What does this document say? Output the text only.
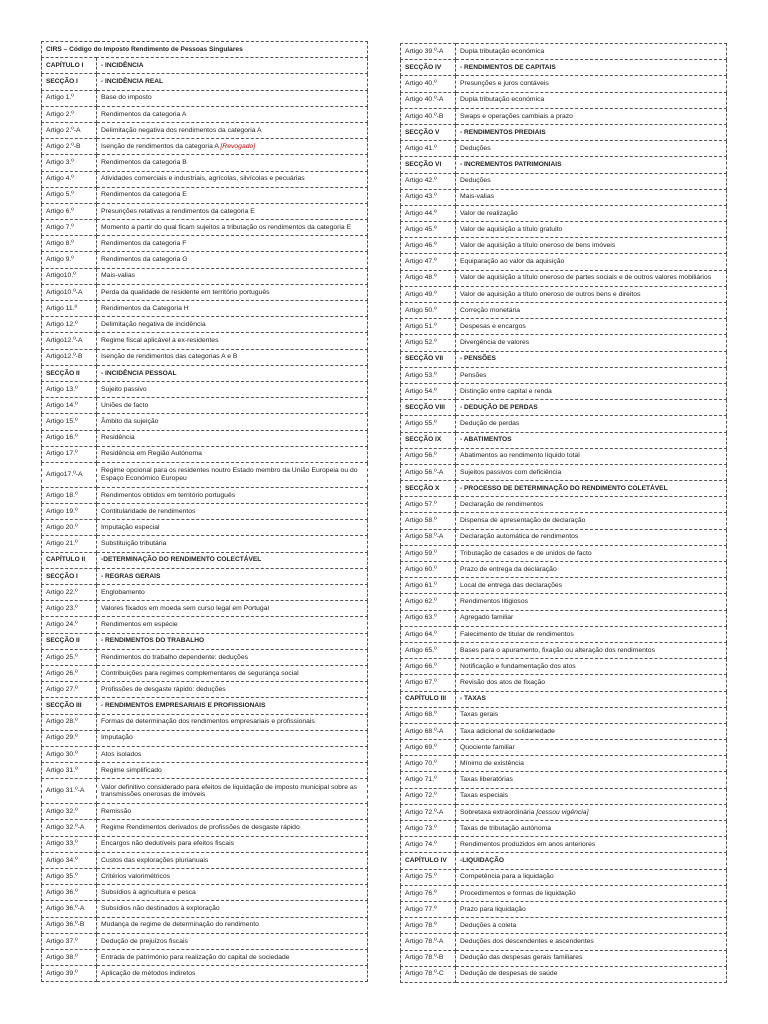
CIRS – Código do Imposto Rendimento de Pessoas Singulares	
CAPÍTULO I	- INCIDÊNCIA
SECÇÃO I	- INCIDÊNCIA REAL
Artigo 1.º	Base do imposto
Artigo 2.º	Rendimentos da categoria A
Artigo 2.º-A	Delimitação negativa dos rendimentos da categoria A
Artigo 2.º-B	Isenção de rendimentos da categoria A [Revogado]
Artigo 3.º	Rendimentos da categoria B
Artigo 4.º	Atividades comerciais e industriais, agrícolas, silvícolas e pecuárias
Artigo 5.º	Rendimentos da categoria E
Artigo 6.º	Presunções relativas a rendimentos da categoria E
Artigo 7.º	Momento a partir do qual ficam sujeitos a tributação os rendimentos da categoria E
Artigo 8.º	Rendimentos da categoria F
Artigo 9.º	Rendimentos da categoria G
Artigo10.º	Mais-valias
Artigo10.º-A	Perda da qualidade de residente em território português
Artigo 11.º	Rendimentos da Categoria H
Artigo 12.º	Delimitação negativa de incidência
Artigo12.º-A	Regime fiscal aplicável a ex-residentes
Artigo12.º-B	Isenção de rendimentos das categorias A e B
SECÇÃO II	- INCIDÊNCIA PESSOAL
Artigo 13.º	Sujeito passivo
Artigo 14.º	Uniões de facto
Artigo 15.º	Âmbito da sujeição
Artigo 16.º	Residência
Artigo 17.º	Residência em Região Autónoma
Artigo17.º-A	Regime opcional para os residentes noutro Estado membro da União Europeia ou do Espaço Económico Europeu
Artigo 18.º	Rendimentos obtidos em território português
Artigo 19.º	Contitularidade de rendimentos
Artigo 20.º	Imputação especial
Artigo 21.º	Substituição tributária
CAPÍTULO II	-DETERMINAÇÃO DO RENDIMENTO COLECTÁVEL
SECÇÃO I	- REGRAS GERAIS
Artigo 22.º	Englobamento
Artigo 23.º	Valores fixados em moeda sem curso legal em Portugal
Artigo 24.º	Rendimentos em espécie
SECÇÃO II	- RENDIMENTOS DO TRABALHO
Artigo 25.º	Rendimentos do trabalho dependente: deduções
Artigo 26.º	Contribuições para regimes complementares de segurança social
Artigo 27.º	Profissões de desgaste rápido: deduções
SECÇÃO III	- RENDIMENTOS EMPRESARIAIS E PROFISSIONAIS
Artigo 28.º	Formas de determinação dos rendimentos empresariais e profissionais
Artigo 29.º	Imputação
Artigo 30.º	Atos isolados
Artigo 31.º	Regime simplificado
Artigo 31.º-A	Valor definitivo considerado para efeitos de liquidação de imposto municipal sobre as transmissões onerosas de imóveis
Artigo 32.º	Remissão
Artigo 32.º-A	Regime Rendimentos derivados de profissões de desgaste rápido
Artigo 33.º	Encargos não dedutíveis para efeitos fiscais
Artigo 34.º	Custos das explorações plurianuais
Artigo 35.º	Critérios valorimétricos
Artigo 36.º	Subsídios à agricultura e pesca
Artigo 36.º-A	Subsídios não destinados à exploração
Artigo 36.º-B	Mudança de regime de determinação do rendimento
Artigo 37.º	Dedução de prejuízos fiscais
Artigo 38.º	Entrada de património para realização do capital de sociedade
Artigo 39.º	Aplicação de métodos indiretos
Artigo 39.º-A	Dupla tributação económica
SECÇÃO IV	- RENDIMENTOS DE CAPITAIS
Artigo 40.º	Presunções e juros contáveis
Artigo 40.º-A	Dupla tributação económica
Artigo 40.º-B	Swaps e operações cambiais a prazo
SECÇÃO V	- RENDIMENTOS PREDIAIS
Artigo 41.º	Deduções
SECÇÃO VI	- INCREMENTOS PATRIMONIAIS
Artigo 42.º	Deduções
Artigo 43.º	Mais-valias
Artigo 44.º	Valor de realização
Artigo 45.º	Valor de aquisição a título gratuito
Artigo 46.º	Valor de aquisição a título oneroso de bens imóveis
Artigo 47.º	Equiparação ao valor da aquisição
Artigo 48.º	Valor de aquisição a título oneroso de partes sociais e de outros valores mobiliários
Artigo 49.º	Valor de aquisição a título oneroso de outros bens e direitos
Artigo 50.º	Correção monetária
Artigo 51.º	Despesas e encargos
Artigo 52.º	Divergência de valores
SECÇÃO VII	- PENSÕES
Artigo 53.º	Pensões
Artigo 54.º	Distinção entre capital e renda
SECÇÃO VIII	- DEDUÇÃO DE PERDAS
Artigo 55.º	Dedução de perdas
SECÇÃO IX	- ABATIMENTOS
Artigo 56.º	Abatimentos ao rendimento líquido total
Artigo 56.º-A	Sujeitos passivos com deficiência
SECÇÃO X	- PROCESSO DE DETERMINAÇÃO DO RENDIMENTO COLETÁVEL
Artigo 57.º	Declaração de rendimentos
Artigo 58.º	Dispensa de apresentação de declaração
Artigo 58.º-A	Declaração automática de rendimentos
Artigo 59.º	Tributação de casados e de unidos de facto
Artigo 60.º	Prazo de entrega da declaração
Artigo 61.º	Local de entrega das declarações
Artigo 62.º	Rendimentos litigiosos
Artigo 63.º	Agregado familiar
Artigo 64.º	Falecimento de titular de rendimentos
Artigo 65.º	Bases para o apuramento, fixação ou alteração dos rendimentos
Artigo 66.º	Notificação e fundamentação dos atos
Artigo 67.º	Revisão dos atos de fixação
CAPÍTULO III	- TAXAS
Artigo 68.º	Taxas gerais
Artigo 68.º-A	Taxa adicional de solidariedade
Artigo 69.º	Quociente familiar
Artigo 70.º	Mínimo de existência
Artigo 71.º	Taxas liberatórias
Artigo 72.º	Taxas especiais
Artigo 72.º-A	Sobretaxa extraordinária [cessou vigência]
Artigo 73.º	Taxas de tributação autónoma
Artigo 74.º	Rendimentos produzidos em anos anteriores
CAPÍTULO IV	-LIQUIDAÇÃO
Artigo 75.º	Competência para a liquidação
Artigo 76.º	Procedimentos e formas de liquidação
Artigo 77.º	Prazo para liquidação
Artigo 78.º	Deduções à coleta
Artigo 78.º-A	Deduções dos descendentes e ascendentes
Artigo 78.º-B	Dedução das despesas gerais familiares
Artigo 78.º-C	Dedução de despesas de saúde
